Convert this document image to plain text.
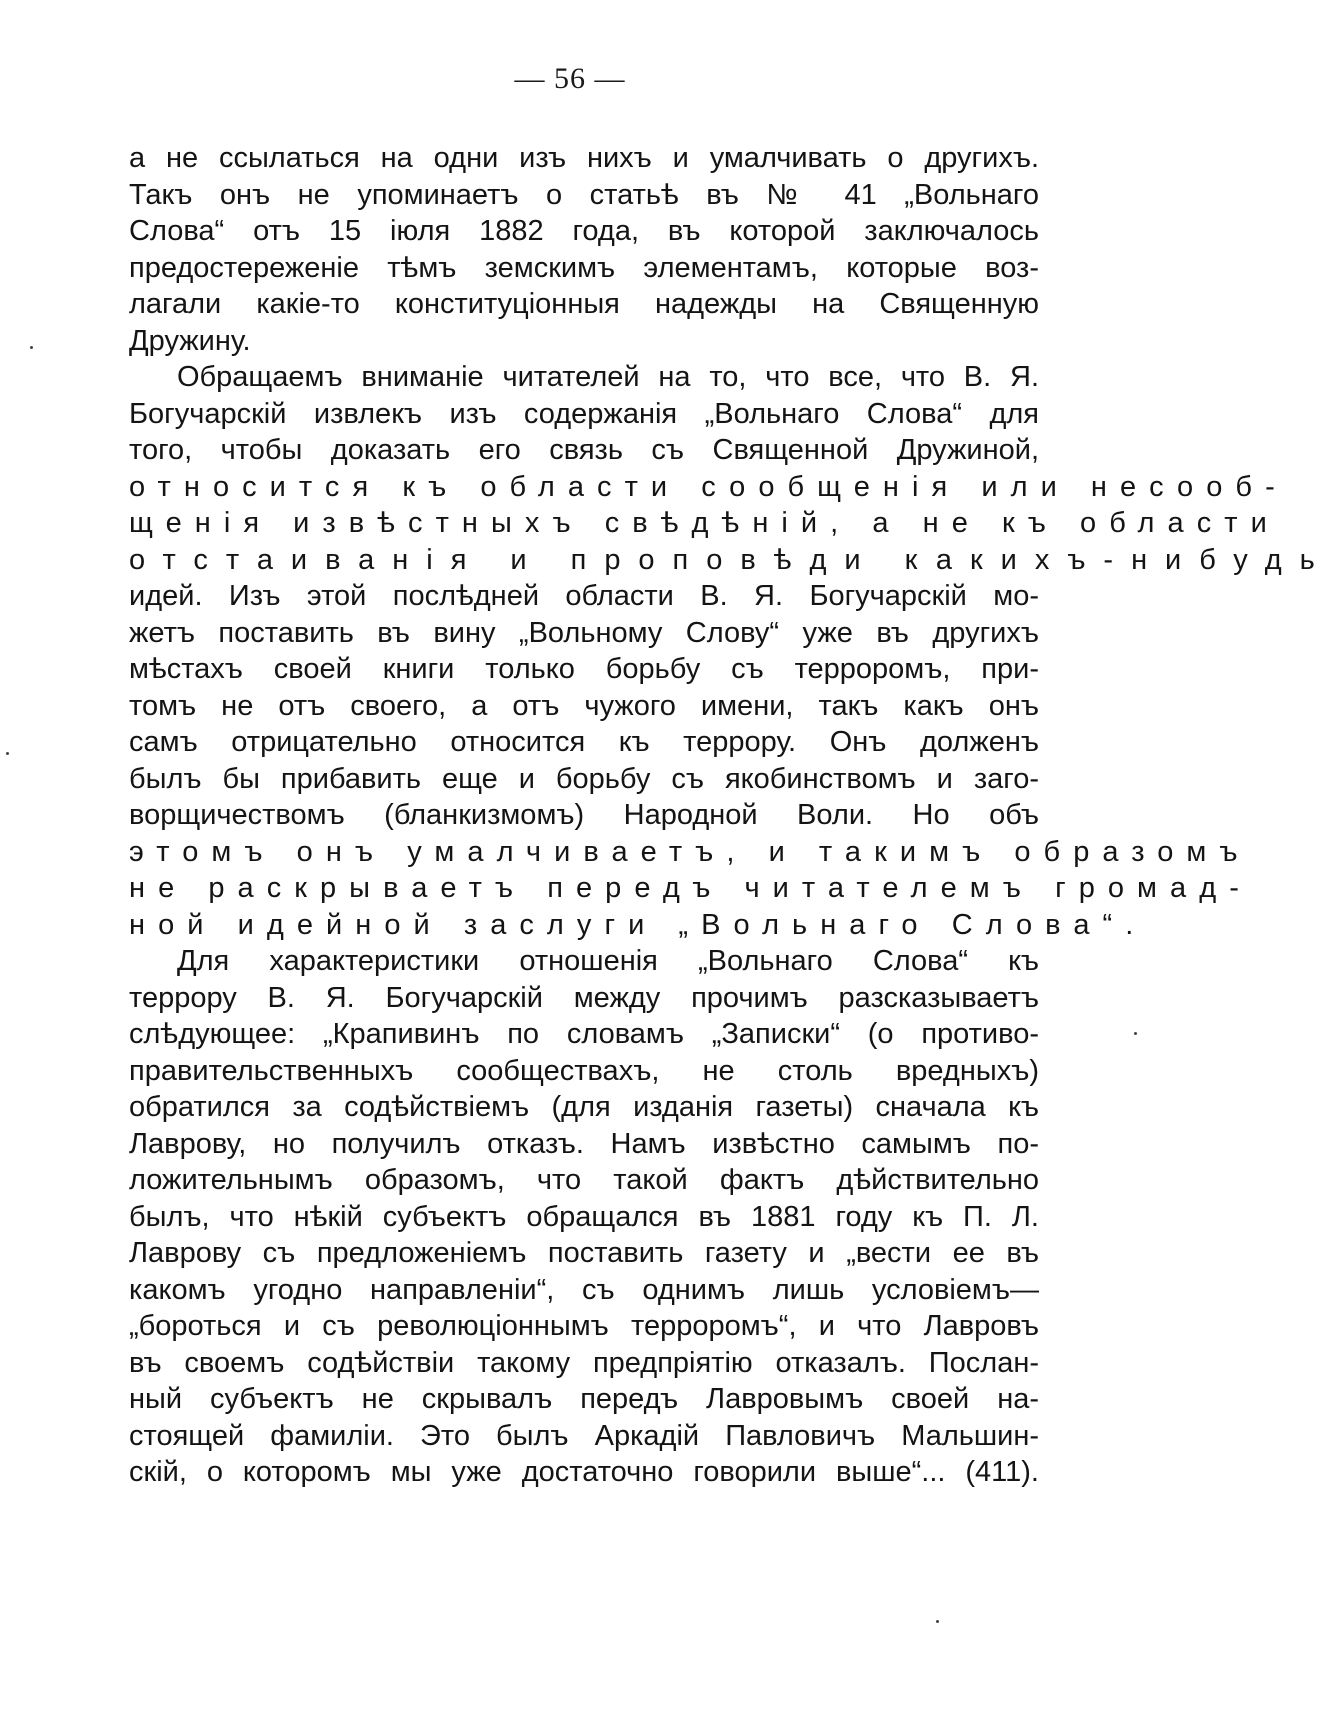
— 56 —
а не ссылаться на одни изъ нихъ и умалчивать о другихъ.
Такъ онъ не упоминаетъ о статьѣ въ № 41 „Вольнаго
Слова“ отъ 15 іюля 1882 года, въ которой заключалось
предостереженіе тѣмъ земскимъ элементамъ, которые воз-
лагали какіе-то конституціонныя надежды на Священную
Дружину.
Обращаемъ вниманіе читателей на то, что все, что В. Я.
Богучарскій извлекъ изъ содержанія „Вольнаго Слова“ для
того, чтобы доказать его связь съ Священной Дружиной,
относится къ области сообщенія или несооб-
щенія извѣстныхъ свѣдѣній, а не къ области
отстаиванія и проповѣди какихъ-нибудь
идей. Изъ этой послѣдней области В. Я. Богучарскій мо-
жетъ поставить въ вину „Вольному Слову“ уже въ другихъ
мѣстахъ своей книги только борьбу съ терроромъ, при-
томъ не отъ своего, а отъ чужого имени, такъ какъ онъ
самъ отрицательно относится къ террору. Онъ долженъ
былъ бы прибавить еще и борьбу съ якобинствомъ и заго-
ворщичествомъ (бланкизмомъ) Народной Воли. Но объ
этомъ онъ умалчиваетъ, и такимъ образомъ
не раскрываетъ передъ читателемъ громад-
ной идейной заслуги „Вольнаго Слова“.
Для характеристики отношенія „Вольнаго Слова“ къ
террору В. Я. Богучарскій между прочимъ разсказываетъ
слѣдующее: „Крапивинъ по словамъ „Записки“ (о противо-
правительственныхъ сообществахъ, не столь вредныхъ)
обратился за содѣйствіемъ (для изданія газеты) сначала къ
Лаврову, но получилъ отказъ. Намъ извѣстно самымъ по-
ложительнымъ образомъ, что такой фактъ дѣйствительно
былъ, что нѣкій субъектъ обращался въ 1881 году къ П. Л.
Лаврову съ предложеніемъ поставить газету и „вести ее въ
какомъ угодно направленіи“, съ однимъ лишь условіемъ—
„бороться и съ революціоннымъ терроромъ“, и что Лавровъ
въ своемъ содѣйствіи такому предпріятію отказалъ. Послан-
ный субъектъ не скрывалъ передъ Лавровымъ своей на-
стоящей фамиліи. Это былъ Аркадій Павловичъ Мальшин-
скій, о которомъ мы уже достаточно говорили выше“... (411).
